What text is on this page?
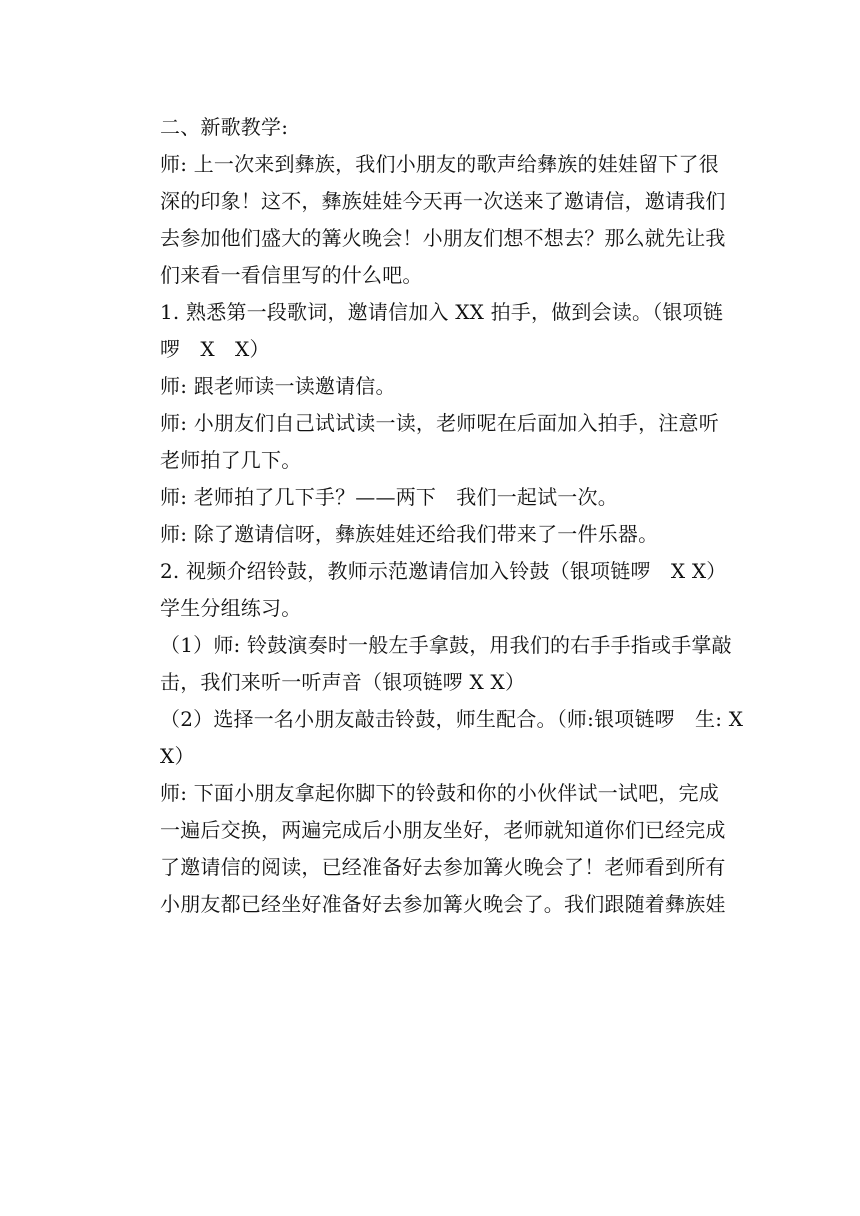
二、新歌教学:
师: 上一次来到彝族，我们小朋友的歌声给彝族的娃娃留下了很
深的印象！这不，彝族娃娃今天再一次送来了邀请信，邀请我们
去参加他们盛大的篝火晚会！小朋友们想不想去？那么就先让我
们来看一看信里写的什么吧。
1. 熟悉第一段歌词，邀请信加入 XX 拍手，做到会读。（银项链
啰　X　X）
师: 跟老师读一读邀请信。
师: 小朋友们自己试试读一读，老师呢在后面加入拍手，注意听
老师拍了几下。
师: 老师拍了几下手？——两下　我们一起试一次。
师: 除了邀请信呀，彝族娃娃还给我们带来了一件乐器。
2. 视频介绍铃鼓，教师示范邀请信加入铃鼓（银项链啰　X X）
学生分组练习。
（1）师: 铃鼓演奏时一般左手拿鼓，用我们的右手手指或手掌敲
击，我们来听一听声音（银项链啰 X X）
（2）选择一名小朋友敲击铃鼓，师生配合。（师:银项链啰　生: X
X）
师: 下面小朋友拿起你脚下的铃鼓和你的小伙伴试一试吧，完成
一遍后交换，两遍完成后小朋友坐好，老师就知道你们已经完成
了邀请信的阅读，已经准备好去参加篝火晚会了！老师看到所有
小朋友都已经坐好准备好去参加篝火晚会了。我们跟随着彝族娃
